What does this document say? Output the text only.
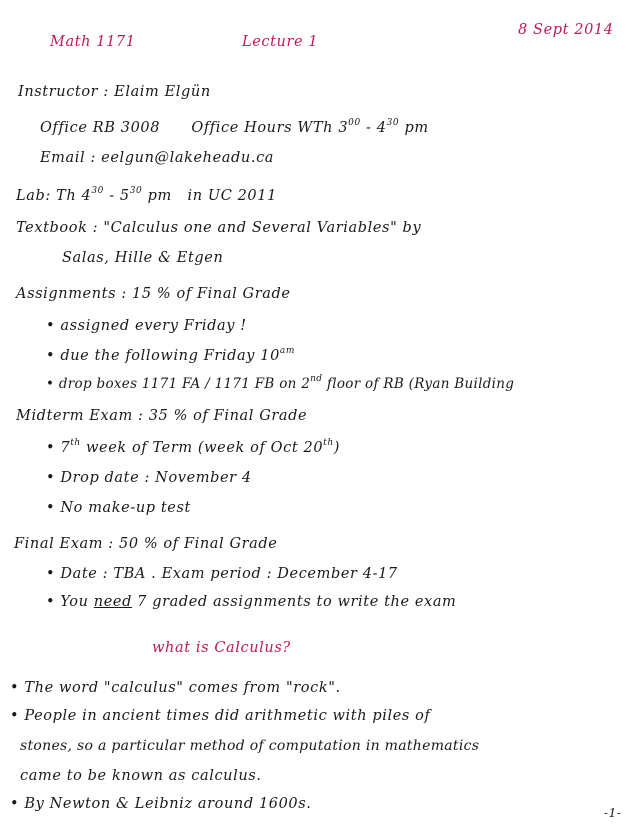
Math 1171	Lecture 1
8 Sept 2014
Instructor : Elaim Elgün
Office RB 3008 Office Hours WTh $3^{00} - 4^{30}$ pm
Email : eelgun@lakeheadu.ca
Lab: Th $4^{30} - 5^{30}$ pm in UC 2011
Textbook : "Calculus one and Several Variables" by
Salas, Hille & Etgen
Assignments : 15 % of Final Grade
• assigned every Friday !
• due the following Friday $10^{am}$
• drop boxes 1171 FA / 1171 FB on 2nd floor of RB (Ryan Building
Midterm Exam : 35 % of Final Grade
• 7th week of Term (week of Oct 20th)
• Drop date : November 4
• No make-up test
Final Exam : 50 % of Final Grade
• Date : TBA . Exam period : December 4-17
• You need 7 graded assignments to write the exam
what is Calculus?
• The word "calculus" comes from "rock".
• People in ancient times did arithmetic with piles of
stones, so a particular method of computation in mathematics
came to be known as calculus.
• By Newton & Leibniz around 1600s.
-1-
